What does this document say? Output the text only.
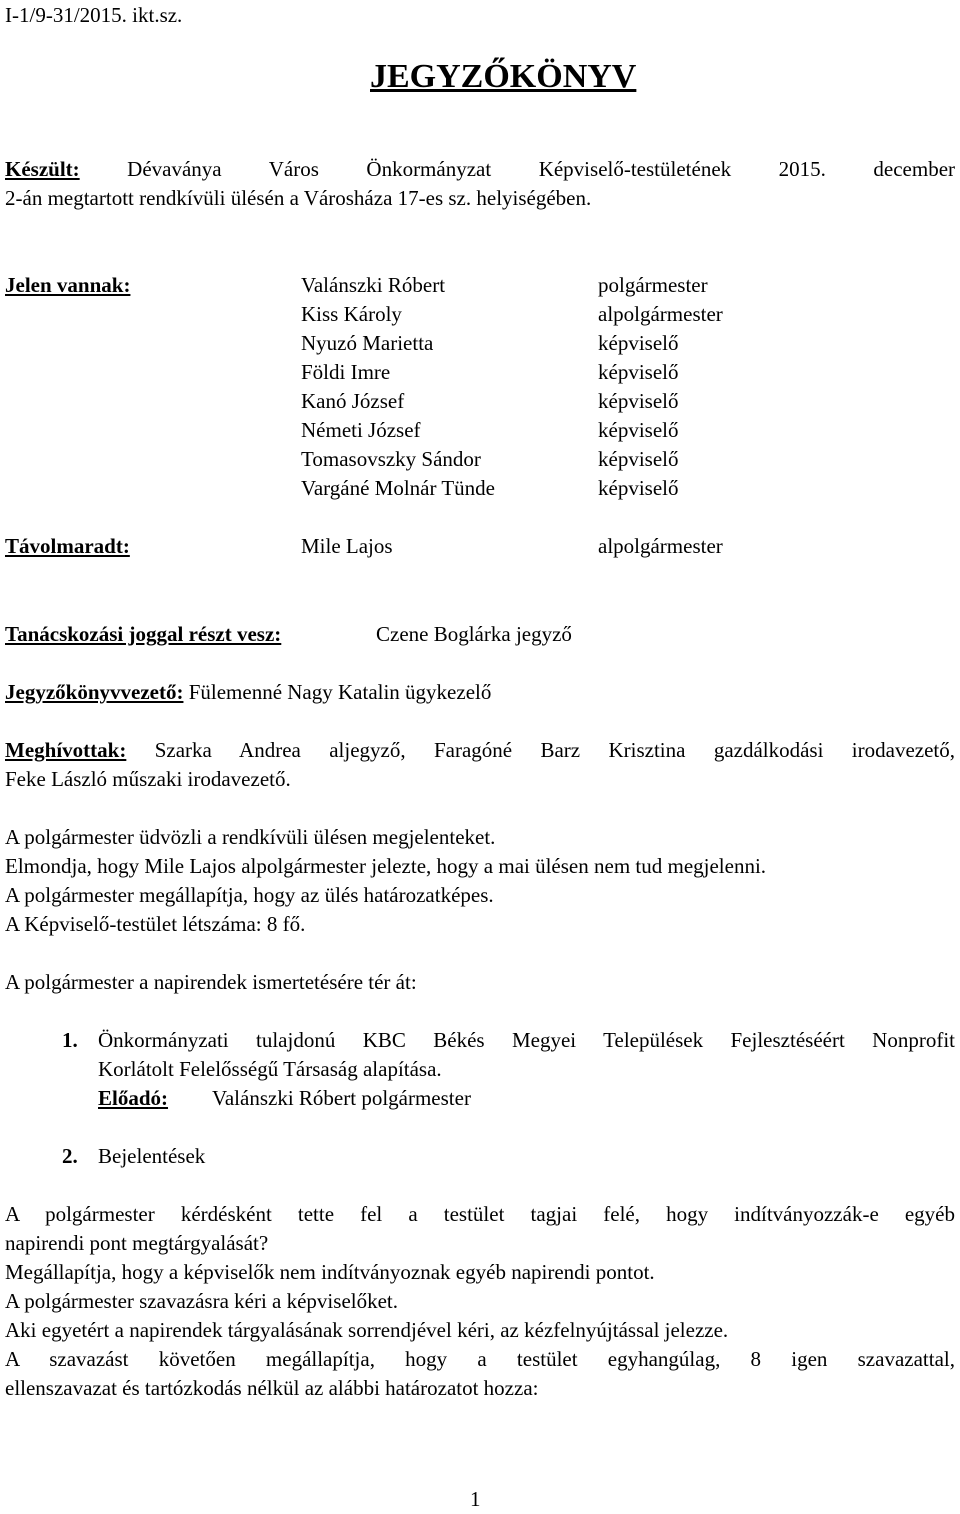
I-1/9-31/2015. ikt.sz.
JEGYZŐKÖNYV
Készült: Dévaványa Város Önkormányzat Képviselő-testületének 2015. december
2-án megtartott rendkívüli ülésén a Városháza 17-es sz. helyiségében.
Jelen vannak:	Valánszki Róbert	polgármester
Kiss Károly	alpolgármester
Nyuzó Marietta	képviselő
Földi Imre	képviselő
Kanó József	képviselő
Németi József	képviselő
Tomasovszky Sándor	képviselő
Vargáné Molnár Tünde	képviselő
Távolmaradt:	Mile Lajos	alpolgármester
Tanácskozási joggal részt vesz:	Czene Boglárka jegyző
Jegyzőkönyvvezető: Fülemenné Nagy Katalin ügykezelő
Meghívottak: Szarka Andrea aljegyző, Faragóné Barz Krisztina gazdálkodási irodavezető,
Feke László műszaki irodavezető.
A polgármester üdvözli a rendkívüli ülésen megjelenteket.
Elmondja, hogy Mile Lajos alpolgármester jelezte, hogy a mai ülésen nem tud megjelenni.
A polgármester megállapítja, hogy az ülés határozatképes.
A Képviselő-testület létszáma: 8 fő.
A polgármester a napirendek ismertetésére tér át:
1. Önkormányzati tulajdonú KBC Békés Megyei Települések Fejlesztéséért Nonprofit
Korlátolt Felelősségű Társaság alapítása.
Előadó: Valánszki Róbert polgármester
2. Bejelentések
A polgármester kérdésként tette fel a testület tagjai felé, hogy indítványozzák-e egyéb
napirendi pont megtárgyalását?
Megállapítja, hogy a képviselők nem indítványoznak egyéb napirendi pontot.
A polgármester szavazásra kéri a képviselőket.
Aki egyetért a napirendek tárgyalásának sorrendjével kéri, az kézfelnyújtással jelezze.
A szavazást követően megállapítja, hogy a testület egyhangúlag, 8 igen szavazattal,
ellenszavazat és tartózkodás nélkül az alábbi határozatot hozza:
1
